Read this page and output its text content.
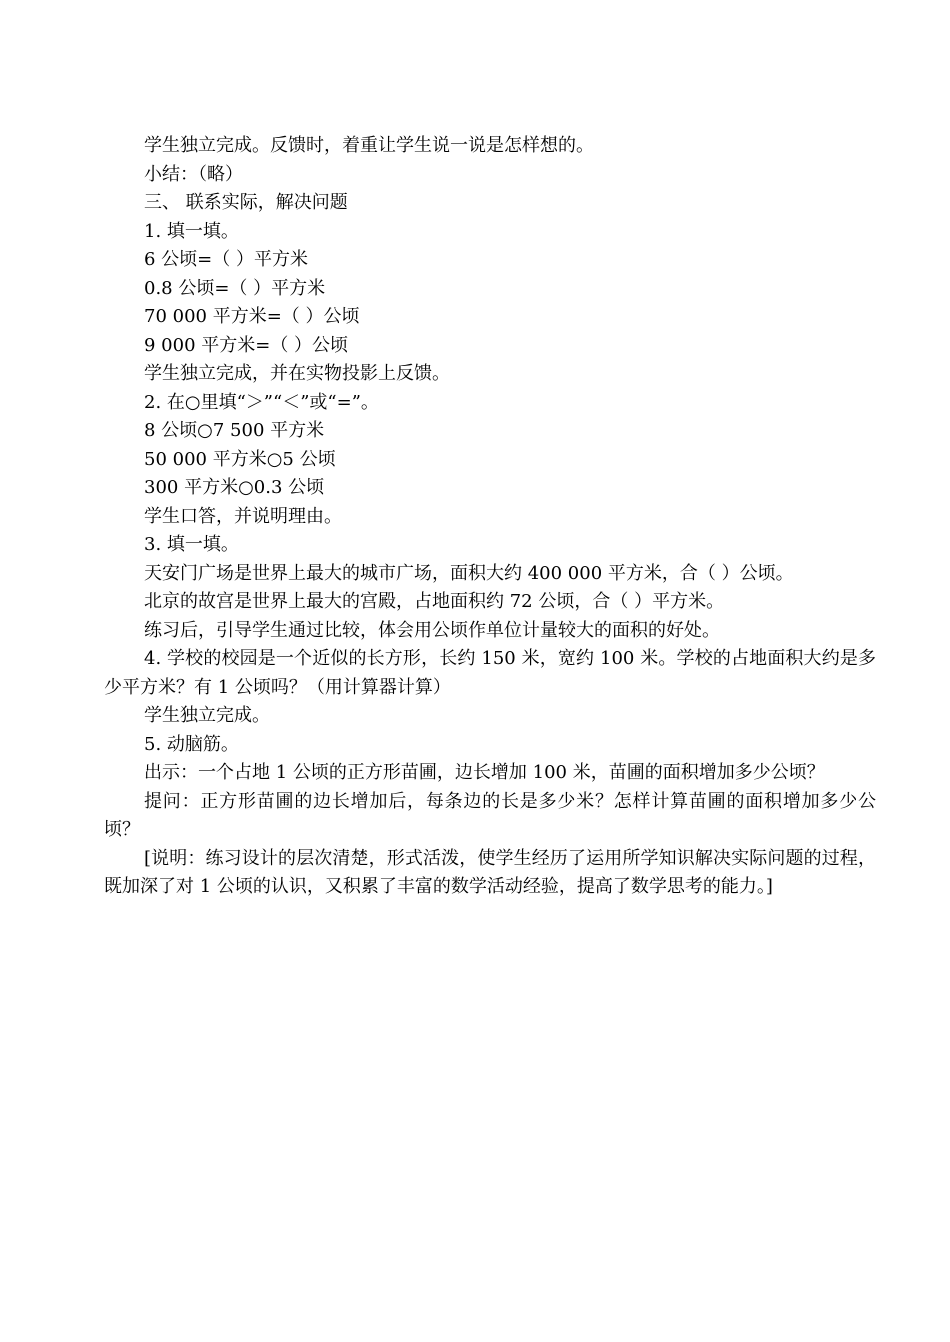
学生独立完成。反馈时，着重让学生说一说是怎样想的。

小结：（略）

三、 联系实际，解决问题

1. 填一填。

6 公顷=（ ）平方米

0.8 公顷=（ ）平方米

70 000 平方米=（ ）公顷

9 000 平方米=（ ）公顷

学生独立完成，并在实物投影上反馈。

2. 在○里填“＞”“＜”或“=”。

8 公顷○7 500 平方米

50 000 平方米○5 公顷

300 平方米○0.3 公顷

学生口答，并说明理由。

3. 填一填。

天安门广场是世界上最大的城市广场，面积大约 400 000 平方米，合（ ）公顷。

北京的故宫是世界上最大的宫殿，占地面积约 72 公顷，合（ ）平方米。

练习后，引导学生通过比较，体会用公顷作单位计量较大的面积的好处。

4. 学校的校园是一个近似的长方形，长约 150 米，宽约 100 米。学校的占地面积大约是多少平方米？有 1 公顷吗？（用计算器计算）

学生独立完成。

5. 动脑筋。

出示：一个占地 1 公顷的正方形苗圃，边长增加 100 米，苗圃的面积增加多少公顷？

提问：正方形苗圃的边长增加后，每条边的长是多少米？怎样计算苗圃的面积增加多少公顷？

[说明：练习设计的层次清楚，形式活泼，使学生经历了运用所学知识解决实际问题的过程，既加深了对 1 公顷的认识，又积累了丰富的数学活动经验，提高了数学思考的能力。]
